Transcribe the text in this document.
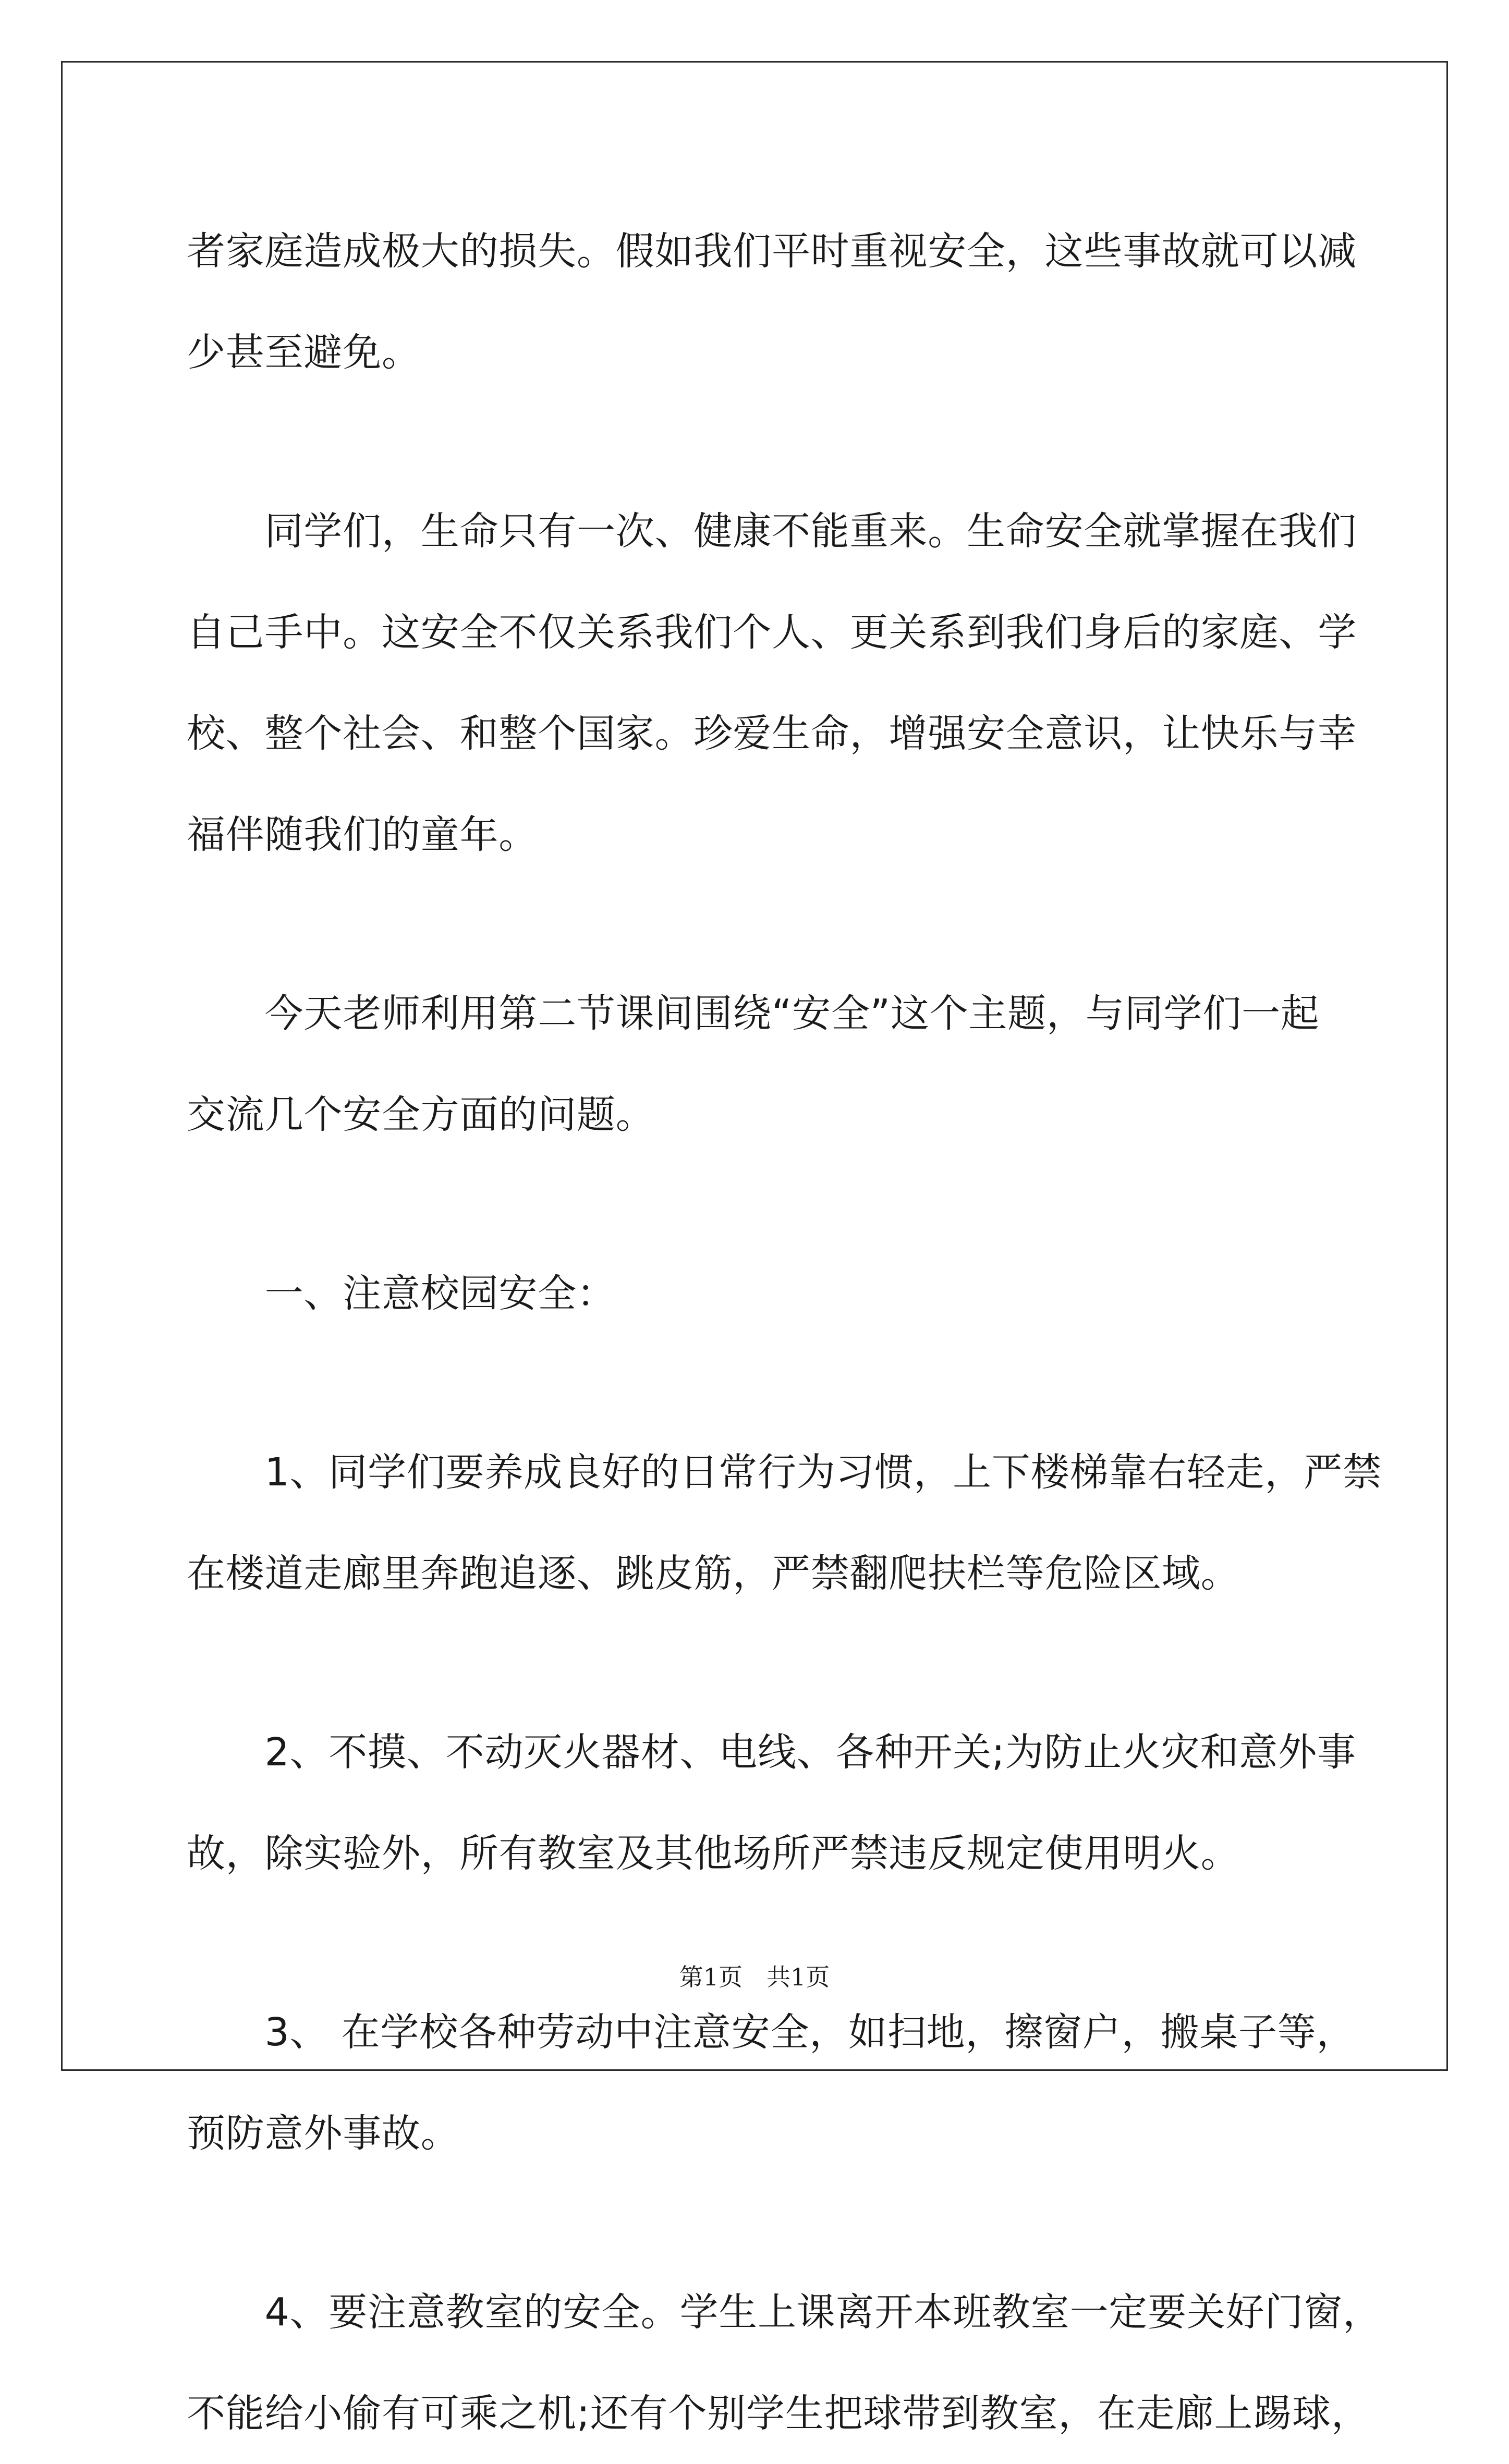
者家庭造成极大的损失。假如我们平时重视安全，这些事故就可以减
少甚至避免。
　　同学们，生命只有一次、健康不能重来。生命安全就掌握在我们
自己手中。这安全不仅关系我们个人、更关系到我们身后的家庭、学
校、整个社会、和整个国家。珍爱生命，增强安全意识，让快乐与幸
福伴随我们的童年。
　　今天老师利用第二节课间围绕“安全”这个主题，与同学们一起
交流几个安全方面的问题。
　　一、注意校园安全：
　　1、同学们要养成良好的日常行为习惯，上下楼梯靠右轻走，严禁
在楼道走廊里奔跑追逐、跳皮筋，严禁翻爬扶栏等危险区域。
　　2、不摸、不动灭火器材、电线、各种开关;为防止火灾和意外事
故，除实验外，所有教室及其他场所严禁违反规定使用明火。
　　3、 在学校各种劳动中注意安全，如扫地，擦窗户，搬桌子等，
预防意外事故。
　　4、要注意教室的安全。学生上课离开本班教室一定要关好门窗，
不能给小偷有可乘之机;还有个别学生把球带到教室，在走廊上踢球，
第1页　共1页
